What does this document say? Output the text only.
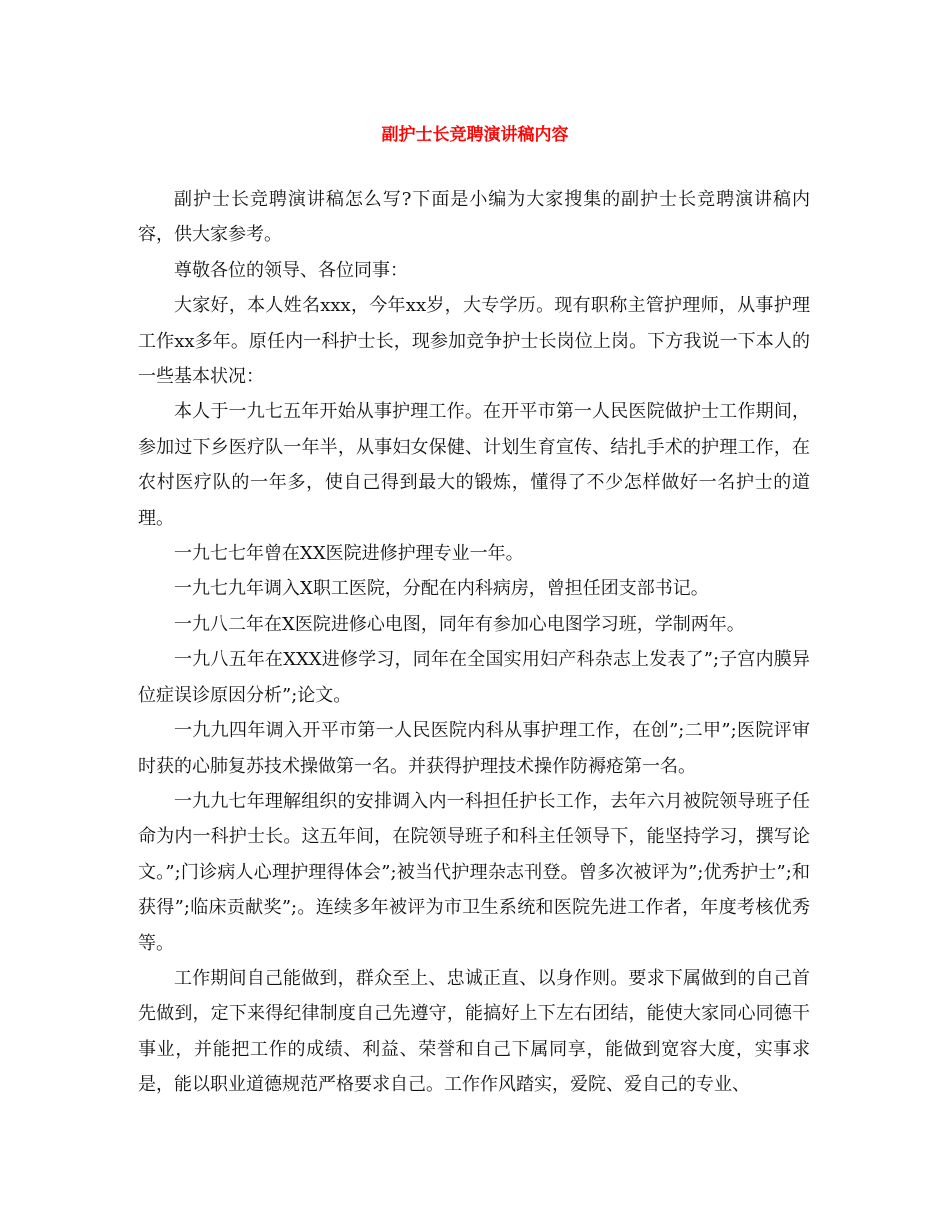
副护士长竞聘演讲稿内容

副护士长竞聘演讲稿怎么写?下面是小编为大家搜集的副护士长竞聘演讲稿内容，供大家参考。

尊敬各位的领导、各位同事：

大家好，本人姓名xxx，今年xx岁，大专学历。现有职称主管护理师，从事护理工作xx多年。原任内一科护士长，现参加竞争护士长岗位上岗。下方我说一下本人的一些基本状况：

本人于一九七五年开始从事护理工作。在开平市第一人民医院做护士工作期间，参加过下乡医疗队一年半，从事妇女保健、计划生育宣传、结扎手术的护理工作，在农村医疗队的一年多，使自己得到最大的锻炼，懂得了不少怎样做好一名护士的道理。

一九七七年曾在XX医院进修护理专业一年。

一九七九年调入X职工医院，分配在内科病房，曾担任团支部书记。

一九八二年在X医院进修心电图，同年有参加心电图学习班，学制两年。

一九八五年在XXX进修学习，同年在全国实用妇产科杂志上发表了”;子宫内膜异位症误诊原因分析”;论文。

一九九四年调入开平市第一人民医院内科从事护理工作，在创”;二甲”;医院评审时获的心肺复苏技术操做第一名。并获得护理技术操作防褥疮第一名。

一九九七年理解组织的安排调入内一科担任护长工作，去年六月被院领导班子任命为内一科护士长。这五年间，在院领导班子和科主任领导下，能坚持学习，撰写论文。”;门诊病人心理护理得体会”;被当代护理杂志刊登。曾多次被评为”;优秀护士”;和获得”;临床贡献奖”;。连续多年被评为市卫生系统和医院先进工作者，年度考核优秀等。

工作期间自己能做到，群众至上、忠诚正直、以身作则。要求下属做到的自己首先做到，定下来得纪律制度自己先遵守，能搞好上下左右团结，能使大家同心同德干事业，并能把工作的成绩、利益、荣誉和自己下属同享，能做到宽容大度，实事求是，能以职业道德规范严格要求自己。工作作风踏实，爱院、爱自己的专业、
